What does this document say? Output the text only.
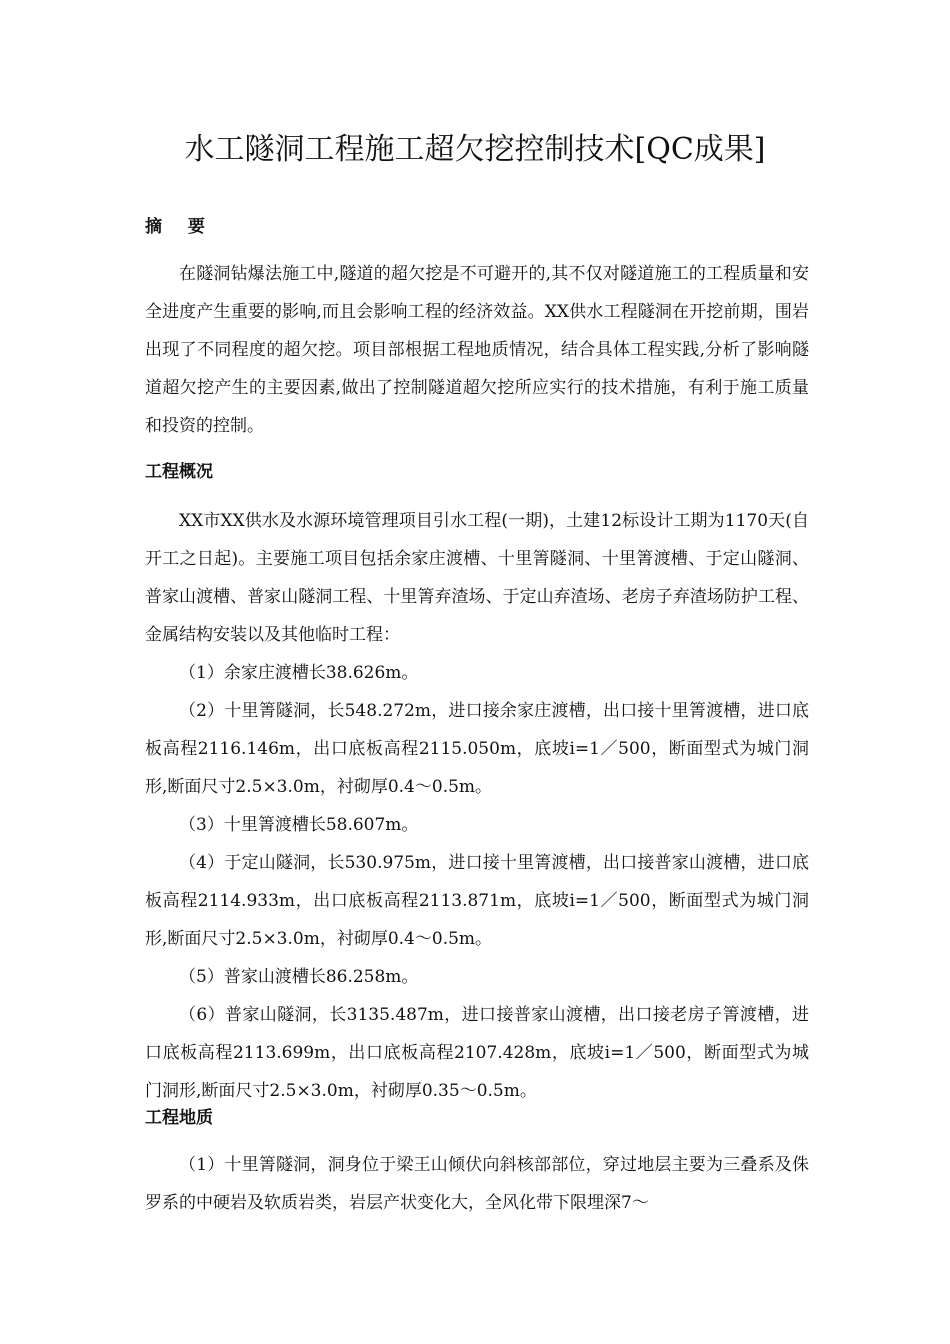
水工隧洞工程施工超欠挖控制技术[QC成果]
摘 要

在隧洞钻爆法施工中,隧道的超欠挖是不可避开的,其不仅对隧道施工的工程质量和安全进度产生重要的影响,而且会影响工程的经济效益。XX供水工程隧洞在开挖前期，围岩出现了不同程度的超欠挖。项目部根据工程地质情况，结合具体工程实践,分析了影响隧道超欠挖产生的主要因素,做出了控制隧道超欠挖所应实行的技术措施，有利于施工质量和投资的控制。

工程概况

XX市XX供水及水源环境管理项目引水工程(一期)，土建12标设计工期为1170天(自开工之日起)。主要施工项目包括余家庄渡槽、十里箐隧洞、十里箐渡槽、于定山隧洞、普家山渡槽、普家山隧洞工程、十里箐弃渣场、于定山弃渣场、老房子弃渣场防护工程、金属结构安装以及其他临时工程：

（1）余家庄渡槽长38.626m。

（2）十里箐隧洞，长548.272m，进口接余家庄渡槽，出口接十里箐渡槽，进口底板高程2116.146m，出口底板高程2115.050m，底坡i=1／500，断面型式为城门洞形,断面尺寸2.5×3.0m，衬砌厚0.4～0.5m。

（3）十里箐渡槽长58.607m。

（4）于定山隧洞，长530.975m，进口接十里箐渡槽，出口接普家山渡槽，进口底板高程2114.933m，出口底板高程2113.871m，底坡i=1／500，断面型式为城门洞形,断面尺寸2.5×3.0m，衬砌厚0.4～0.5m。

（5）普家山渡槽长86.258m。

（6）普家山隧洞，长3135.487m，进口接普家山渡槽，出口接老房子箐渡槽，进口底板高程2113.699m，出口底板高程2107.428m，底坡i=1／500，断面型式为城门洞形,断面尺寸2.5×3.0m，衬砌厚0.35～0.5m。

工程地质

（1）十里箐隧洞，洞身位于梁王山倾伏向斜核部部位，穿过地层主要为三叠系及侏罗系的中硬岩及软质岩类，岩层产状变化大，全风化带下限埋深7～
